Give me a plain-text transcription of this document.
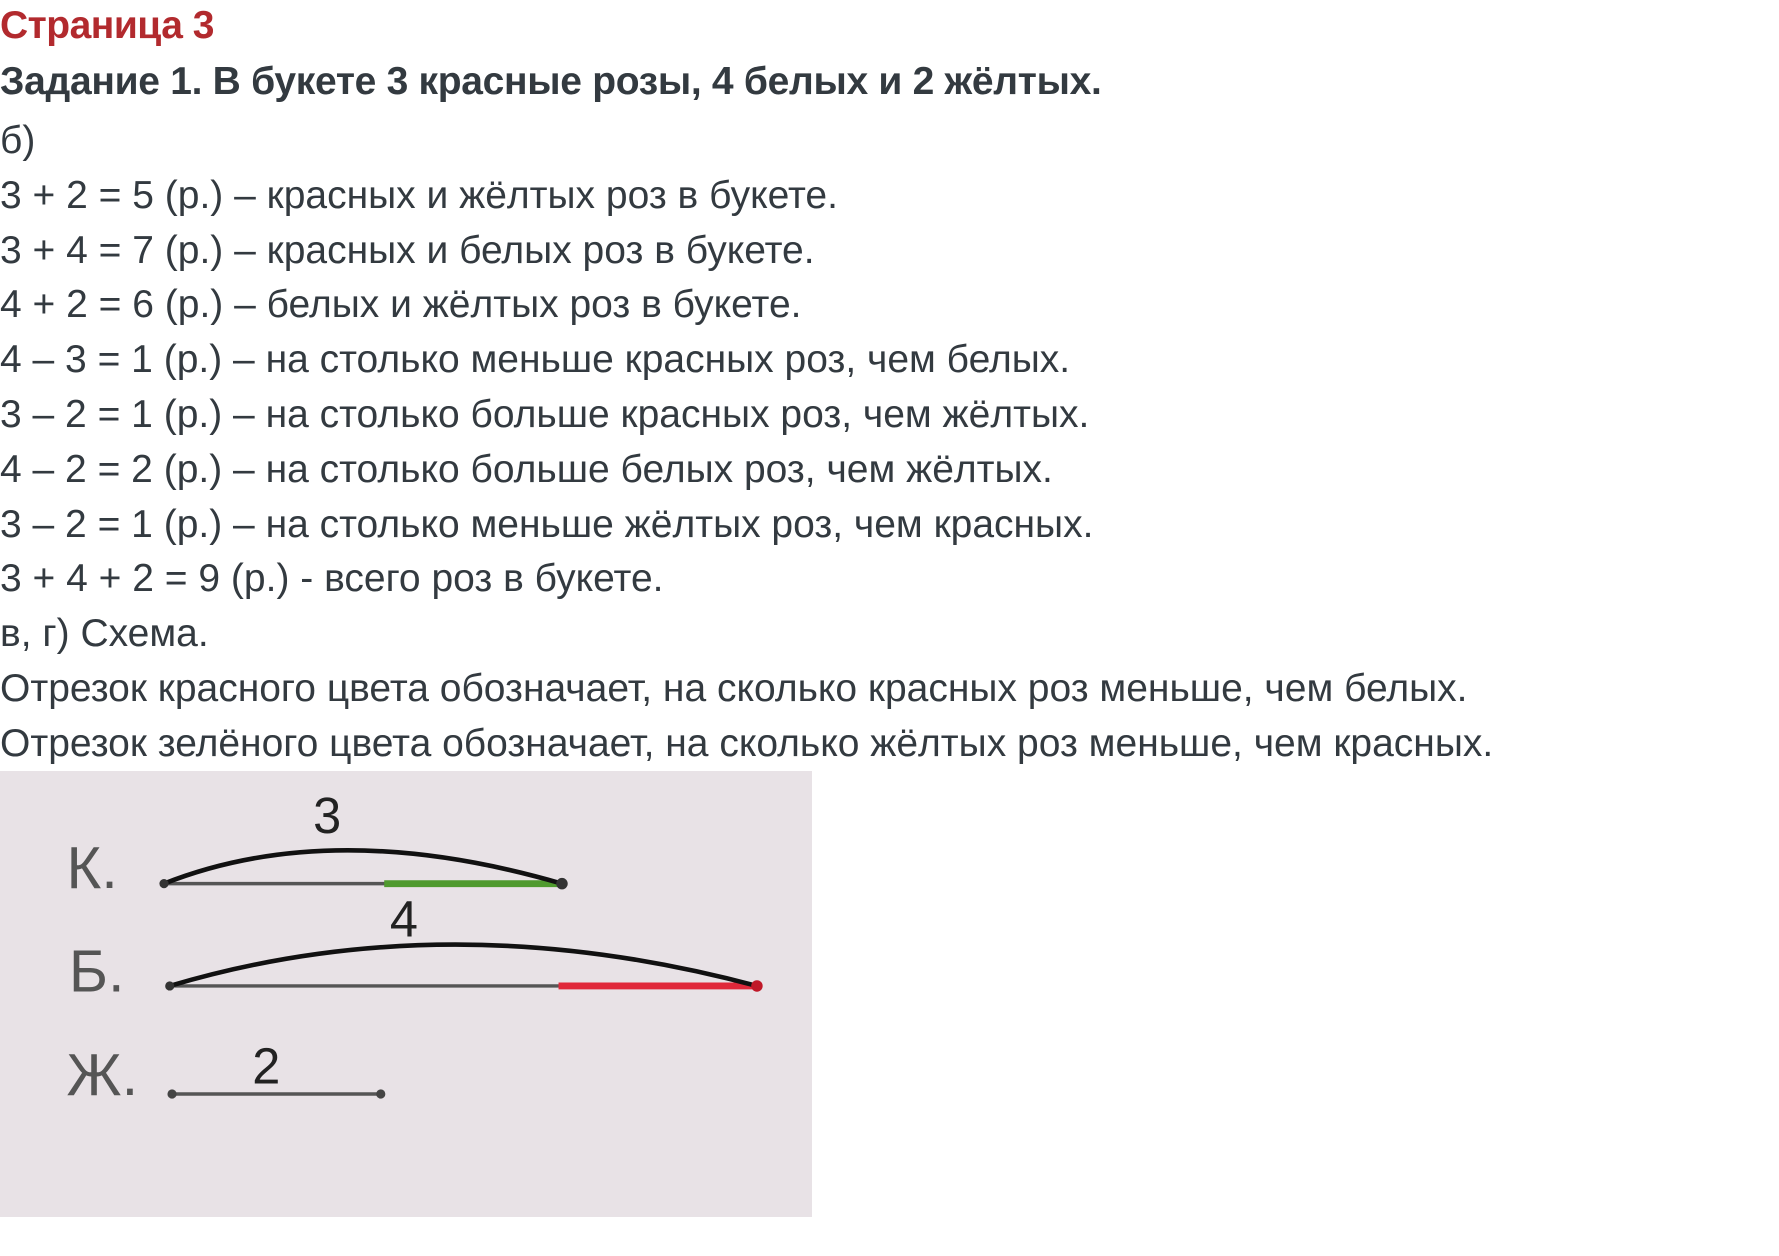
Страница 3
Задание 1. В букете 3 красные розы, 4 белых и 2 жёлтых.
б)
3 + 2 = 5 (р.) – красных и жёлтых роз в букете.
3 + 4 = 7 (р.) – красных и белых роз в букете.
4 + 2 = 6 (р.) – белых и жёлтых роз в букете.
4 – 3 = 1 (р.) – на столько меньше красных роз, чем белых.
3 – 2 = 1 (р.) – на столько больше красных роз, чем жёлтых.
4 – 2 = 2 (р.) – на столько больше белых роз, чем жёлтых.
3 – 2 = 1 (р.) – на столько меньше жёлтых роз, чем красных.
3 + 4 + 2 = 9 (р.) - всего роз в букете.
в, г) Схема.
Отрезок красного цвета обозначает, на сколько красных роз меньше, чем белых.
Отрезок зелёного цвета обозначает, на сколько жёлтых роз меньше, чем красных.
К.
3
Б.
4
Ж.	2
